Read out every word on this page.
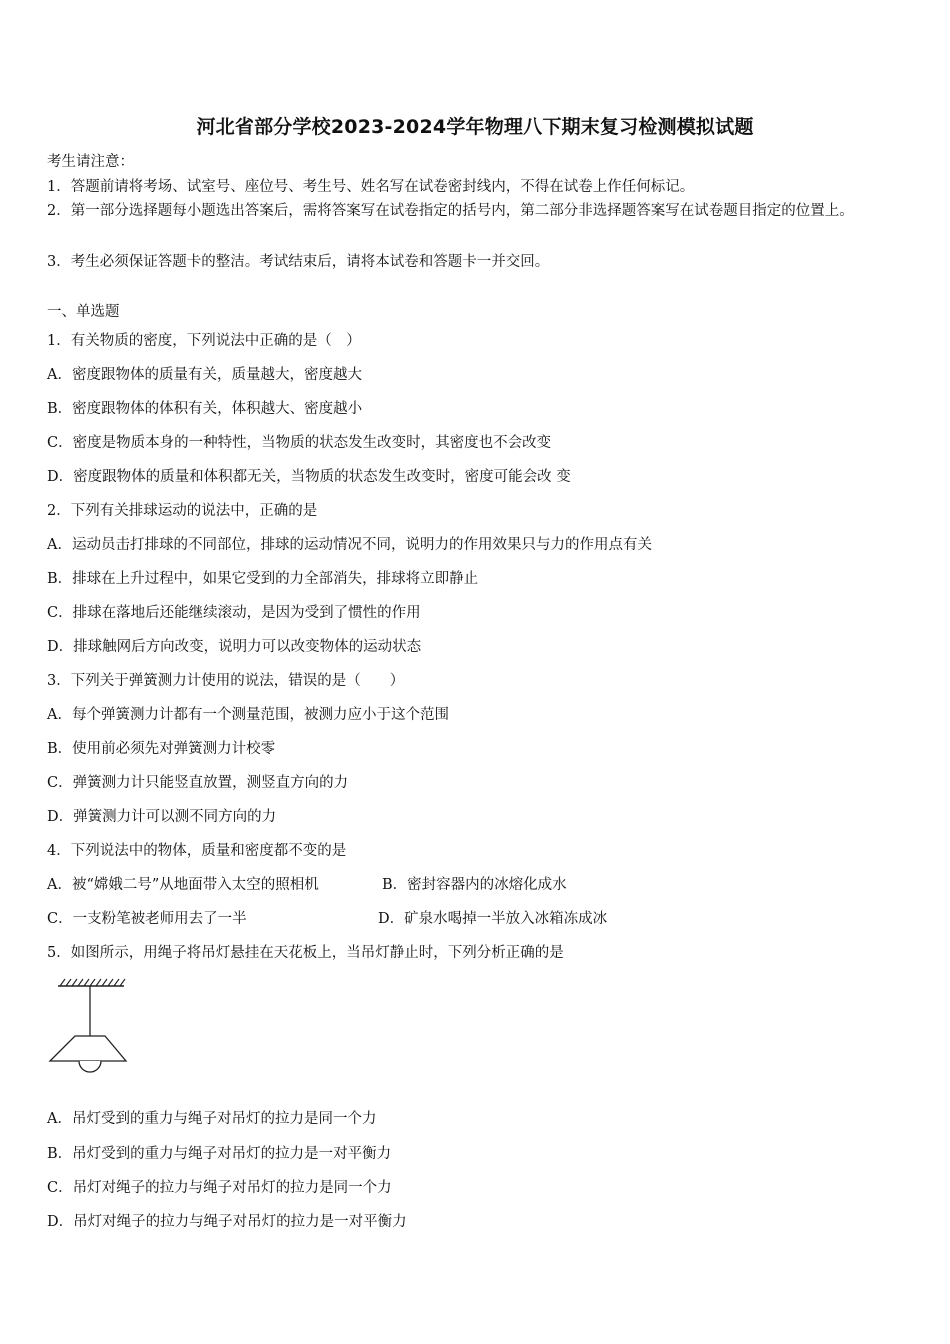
河北省部分学校2023-2024学年物理八下期末复习检测模拟试题
考生请注意：
1．答题前请将考场、试室号、座位号、考生号、姓名写在试卷密封线内，不得在试卷上作任何标记。
2．第一部分选择题每小题选出答案后，需将答案写在试卷指定的括号内，第二部分非选择题答案写在试卷题目指定的位置上。
3．考生必须保证答题卡的整洁。考试结束后，请将本试卷和答题卡一并交回。
一、单选题
1．有关物质的密度，下列说法中正确的是（　）
A．密度跟物体的质量有关，质量越大，密度越大
B．密度跟物体的体积有关，体积越大、密度越小
C．密度是物质本身的一种特性，当物质的状态发生改变时，其密度也不会改变
D．密度跟物体的质量和体积都无关，当物质的状态发生改变时，密度可能会改 变
2．下列有关排球运动的说法中，正确的是
A．运动员击打排球的不同部位，排球的运动情况不同，说明力的作用效果只与力的作用点有关
B．排球在上升过程中，如果它受到的力全部消失，排球将立即静止
C．排球在落地后还能继续滚动，是因为受到了惯性的作用
D．排球触网后方向改变，说明力可以改变物体的运动状态
3．下列关于弹簧测力计使用的说法，错误的是（　　）
A．每个弹簧测力计都有一个测量范围，被测力应小于这个范围
B．使用前必须先对弹簧测力计校零
C．弹簧测力计只能竖直放置，测竖直方向的力
D．弹簧测力计可以测不同方向的力
4．下列说法中的物体，质量和密度都不变的是
A．被“嫦娥二号”从地面带入太空的照相机	B．密封容器内的冰熔化成水
C．一支粉笔被老师用去了一半	D．矿泉水喝掉一半放入冰箱冻成冰
5．如图所示，用绳子将吊灯悬挂在天花板上，当吊灯静止时，下列分析正确的是
A．吊灯受到的重力与绳子对吊灯的拉力是同一个力
B．吊灯受到的重力与绳子对吊灯的拉力是一对平衡力
C．吊灯对绳子的拉力与绳子对吊灯的拉力是同一个力
D．吊灯对绳子的拉力与绳子对吊灯的拉力是一对平衡力
